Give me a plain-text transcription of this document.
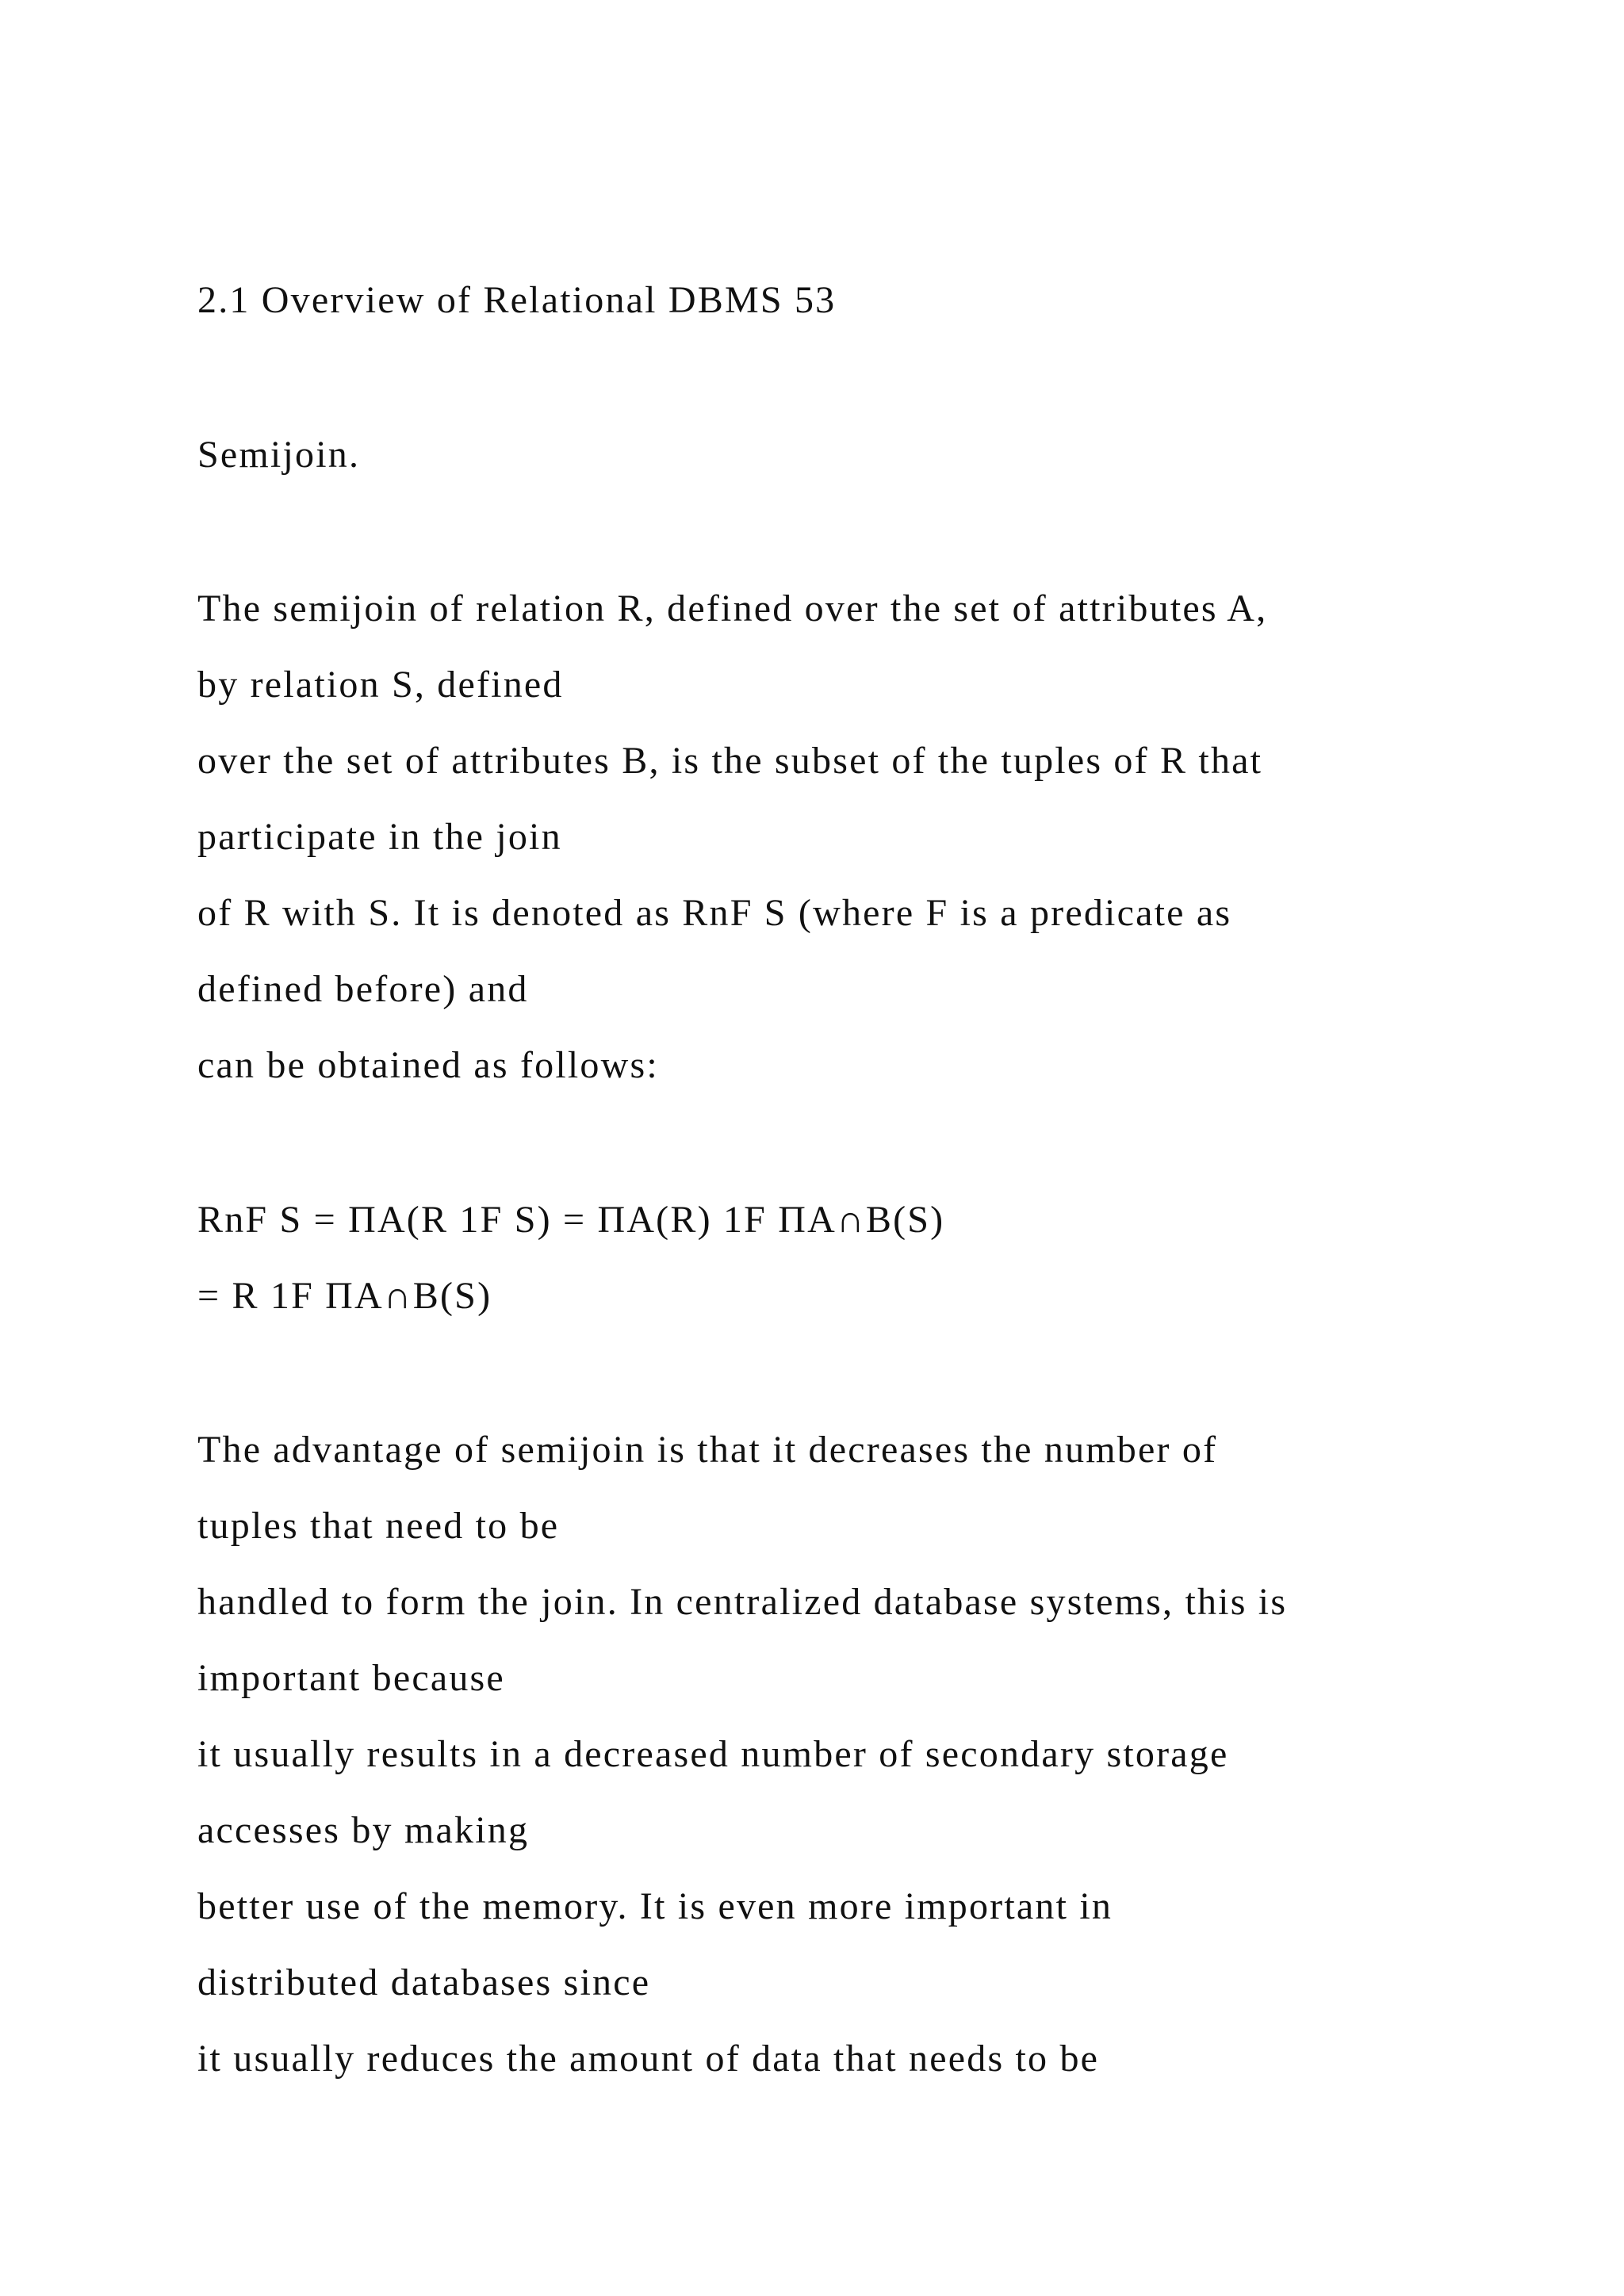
2.1 Overview of Relational DBMS 53
Semijoin.
The semijoin of relation R, defined over the set of attributes A,
by relation S, defined
over the set of attributes B, is the subset of the tuples of R that
participate in the join
of R with S. It is denoted as RnF S (where F is a predicate as
defined before) and
can be obtained as follows:
RnF S = ΠA(R 1F S) = ΠA(R) 1F ΠA∩B(S)
= R 1F ΠA∩B(S)
The advantage of semijoin is that it decreases the number of
tuples that need to be
handled to form the join. In centralized database systems, this is
important because
it usually results in a decreased number of secondary storage
accesses by making
better use of the memory. It is even more important in
distributed databases since
it usually reduces the amount of data that needs to be
